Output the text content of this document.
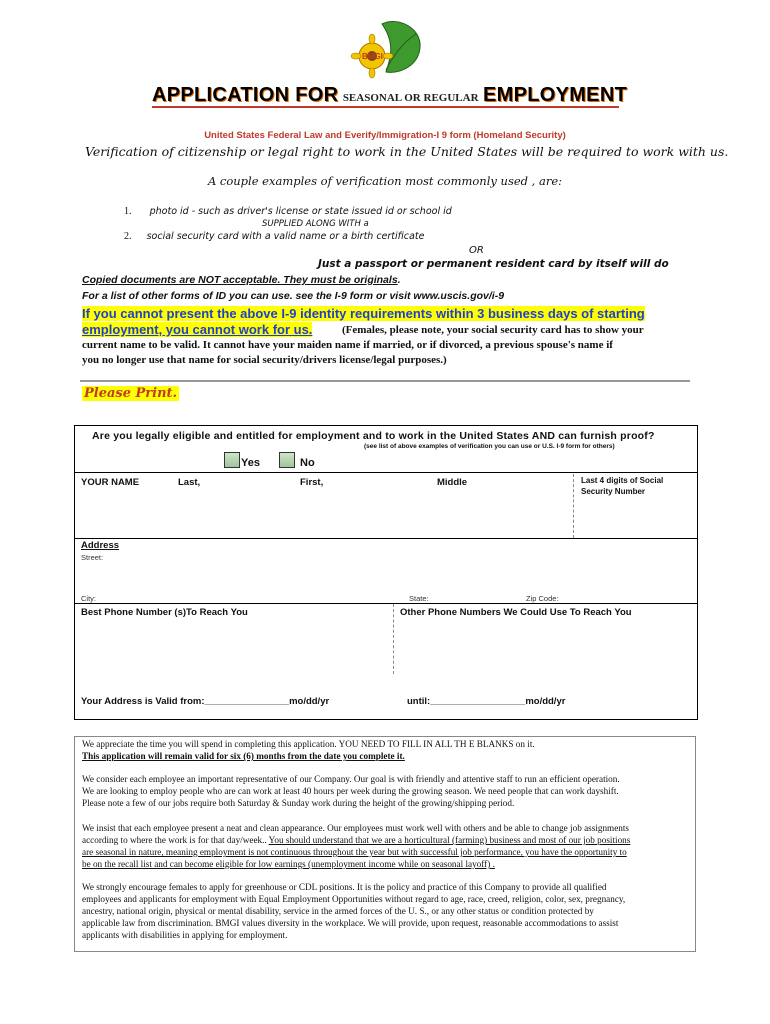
BMGI
APPLICATION FOR SEASONAL OR REGULAR EMPLOYMENT
United States Federal Law and Everify/Immigration-I 9 form (Homeland Security)
Verification of citizenship or legal right to work in the United States will be required to work with us.
A couple examples of verification most commonly used , are:
1. photo id - such as driver's license or state issued id or school id
SUPPLIED ALONG WITH a
2. social security card with a valid name or a birth certificate
OR
Just a passport or permanent resident card by itself will do
Copied documents are NOT acceptable. They must be originals.
For a list of other forms of ID you can use. see the I-9 form or visit www.uscis.gov/i-9
If you cannot present the above I-9 identity requirements within 3 business days of starting
employment, you cannot work for us.	(Females, please note, your social security card has to show your
current name to be valid. It cannot have your maiden name if married, or if divorced, a previous spouse's name if
you no longer use that name for social security/drivers license/legal purposes.)
Please Print.
Are you legally eligible and entitled for employment and to work in the United States AND can furnish proof?
(see list of above examples of verification you can use or U.S. I-9 form for others)
Yes	No
YOUR NAME	Last,	First,	Middle	Last 4 digits of Social
Security Number
Address
Street:
City:	State:	Zip Code:
Best Phone Number (s)To Reach You	Other Phone Numbers We Could Use To Reach You
Your Address is Valid from:________________mo/dd/yr	until:__________________mo/dd/yr
We appreciate the time you will spend in completing this application. YOU NEED TO FILL IN ALL TH E BLANKS on it.
This application will remain valid for six (6) months from the date you complete it.
We consider each employee an important representative of our Company. Our goal is with friendly and attentive staff to run an efficient operation.
We are looking to employ people who are can work at least 40 hours per week during the growing season. We need people that can work dayshift.
Please note a few of our jobs require both Saturday & Sunday work during the height of the growing/shipping period.
We insist that each employee present a neat and clean appearance. Our employees must work well with others and be able to change job assignments
according to where the work is for that day/week.. You should understand that we are a horticultural (farming) business and most of our job positions
are seasonal in nature, meaning employment is not continuous throughout the year but with successful job performance, you have the opportunity to
be on the recall list and can become eligible for low earnings (unemployment income while on seasonal layoff) .
We strongly encourage females to apply for greenhouse or CDL positions. It is the policy and practice of this Company to provide all qualified
employees and applicants for employment with Equal Employment Opportunities without regard to age, race, creed, religion, color, sex, pregnancy,
ancestry, national origin, physical or mental disability, service in the armed forces of the U. S., or any other status or condition protected by
applicable law from discrimination. BMGI values diversity in the workplace. We will provide, upon request, reasonable accommodations to assist
applicants with disabilities in applying for employment.
